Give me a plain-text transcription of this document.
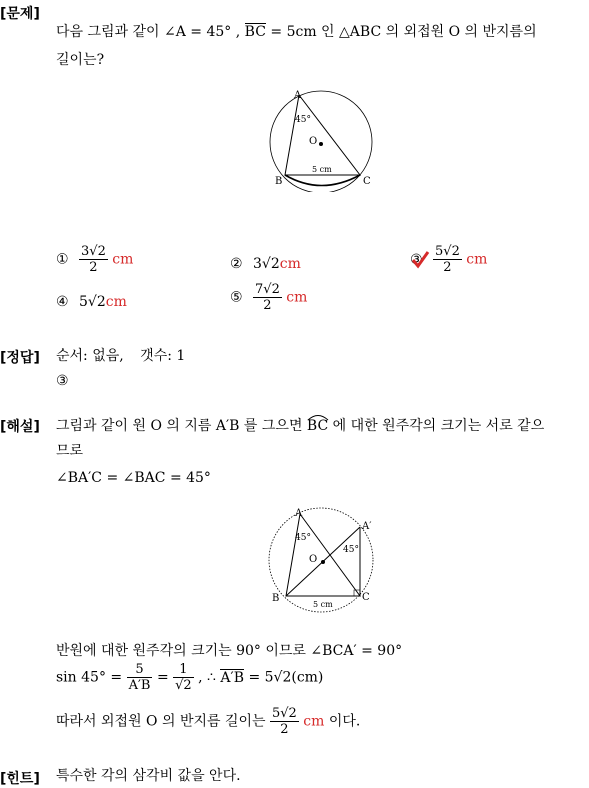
[문제]
다음 그림과 같이 ∠A = 45° , BC = 5cm 인 △ABC 의 외접원 O 의 반지름의
길이는?
A
B	C
O
45°
5 cm
① $\frac{3√2}{2}$ cm	② 3√2cm	③ $\frac{5√2}{2}$ cm
④ 5√2cm	⑤ $\frac{7√2}{2}$ cm
[정답] 순서: 없음, 갯수: 1
③
[해설] 그림과 같이 원 O 의 지름 A′B 를 그으면 BC 에 대한 원주각의 크기는 서로 같으
므로
∠BA′C = ∠BAC = 45°
A
A′
B	C
O
45°
45°
5 cm
반원에 대한 원주각의 크기는 90° 이므로 ∠BCA′ = 90°
$\sin 45^\circ = \frac{5}{A'B} = \frac{1}{√2}$ , ∴ A′B = 5√2(cm)
따라서 외접원 O 의 반지름 길이는 $\frac{5√2}{2}$ cm 이다.
[힌트] 특수한 각의 삼각비 값을 안다.
